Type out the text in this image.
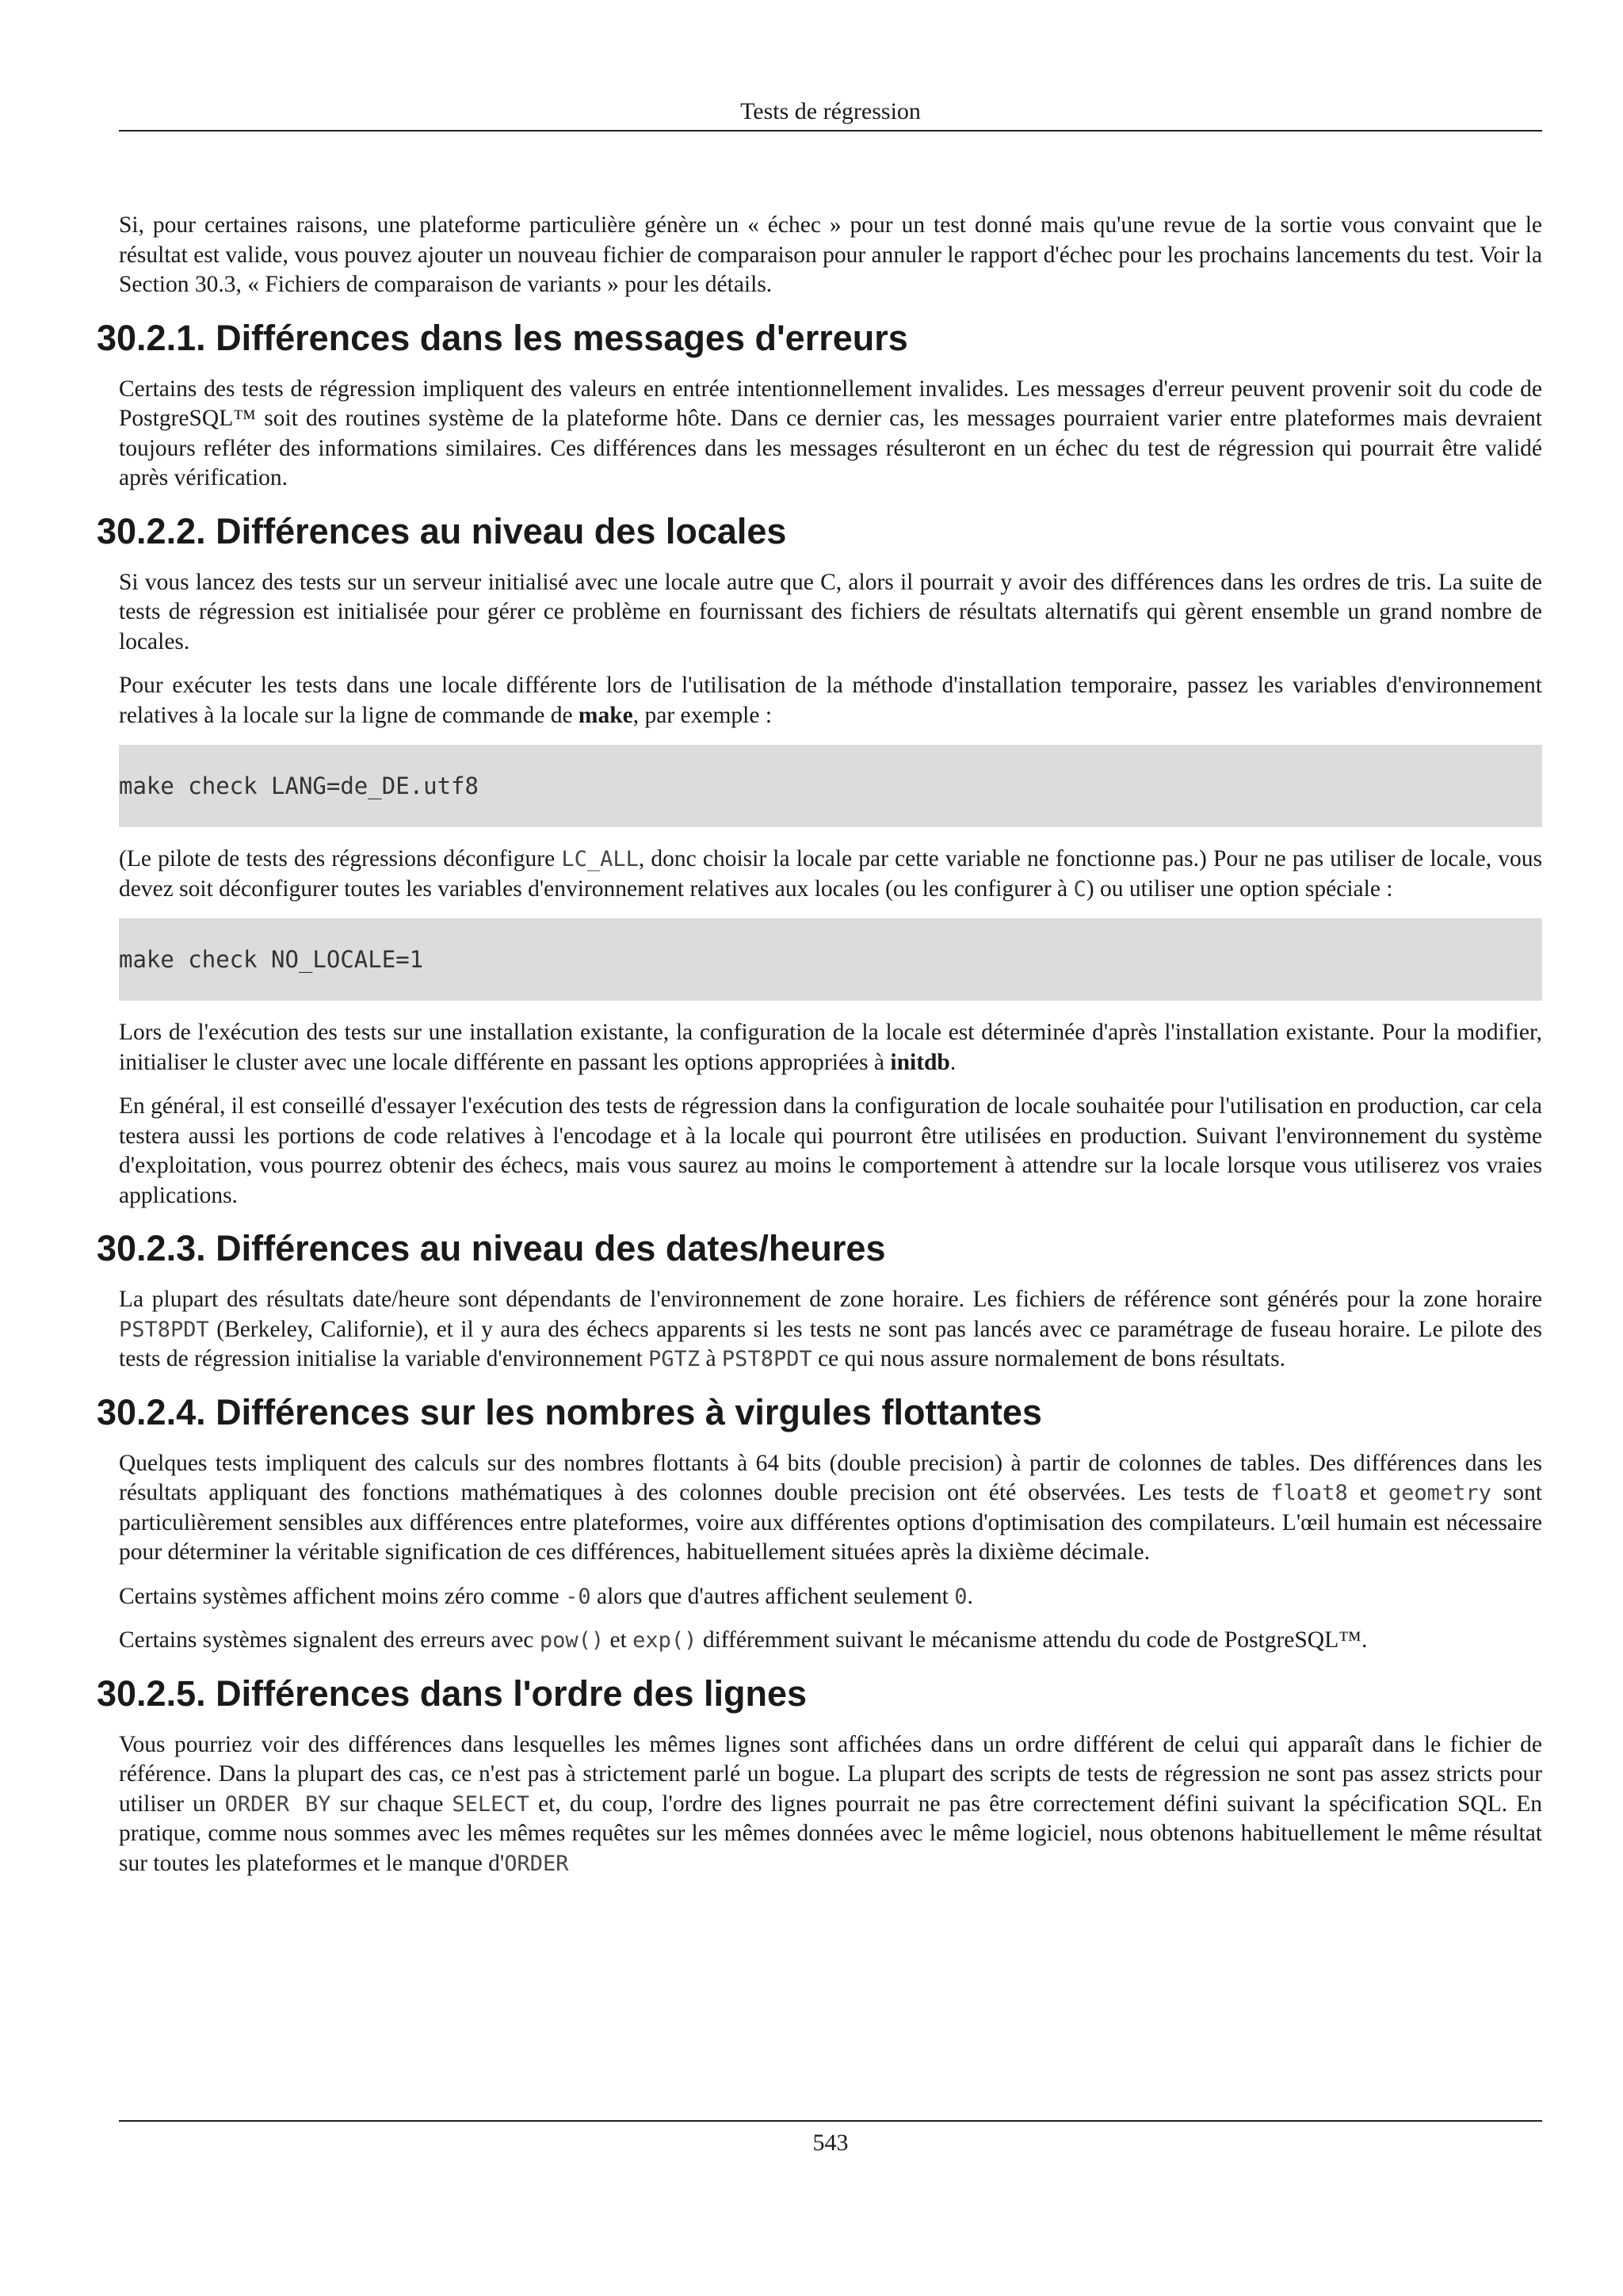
Tests de régression

Si, pour certaines raisons, une plateforme particulière génère un « échec » pour un test donné mais qu'une revue de la sortie vous convaint que le résultat est valide, vous pouvez ajouter un nouveau fichier de comparaison pour annuler le rapport d'échec pour les prochains lancements du test. Voir la Section 30.3, « Fichiers de comparaison de variants » pour les détails.

30.2.1. Différences dans les messages d'erreurs

Certains des tests de régression impliquent des valeurs en entrée intentionnellement invalides. Les messages d'erreur peuvent provenir soit du code de PostgreSQL™ soit des routines système de la plateforme hôte. Dans ce dernier cas, les messages pourraient varier entre plateformes mais devraient toujours refléter des informations similaires. Ces différences dans les messages résulteront en un échec du test de régression qui pourrait être validé après vérification.

30.2.2. Différences au niveau des locales

Si vous lancez des tests sur un serveur initialisé avec une locale autre que C, alors il pourrait y avoir des différences dans les ordres de tris. La suite de tests de régression est initialisée pour gérer ce problème en fournissant des fichiers de résultats alternatifs qui gèrent ensemble un grand nombre de locales.

Pour exécuter les tests dans une locale différente lors de l'utilisation de la méthode d'installation temporaire, passez les variables d'environnement relatives à la locale sur la ligne de commande de make, par exemple :

make check LANG=de_DE.utf8

(Le pilote de tests des régressions déconfigure LC_ALL, donc choisir la locale par cette variable ne fonctionne pas.) Pour ne pas utiliser de locale, vous devez soit déconfigurer toutes les variables d'environnement relatives aux locales (ou les configurer à C) ou utiliser une option spéciale :

make check NO_LOCALE=1

Lors de l'exécution des tests sur une installation existante, la configuration de la locale est déterminée d'après l'installation existante. Pour la modifier, initialiser le cluster avec une locale différente en passant les options appropriées à initdb.

En général, il est conseillé d'essayer l'exécution des tests de régression dans la configuration de locale souhaitée pour l'utilisation en production, car cela testera aussi les portions de code relatives à l'encodage et à la locale qui pourront être utilisées en production. Suivant l'environnement du système d'exploitation, vous pourrez obtenir des échecs, mais vous saurez au moins le comportement à attendre sur la locale lorsque vous utiliserez vos vraies applications.

30.2.3. Différences au niveau des dates/heures

La plupart des résultats date/heure sont dépendants de l'environnement de zone horaire. Les fichiers de référence sont générés pour la zone horaire PST8PDT (Berkeley, Californie), et il y aura des échecs apparents si les tests ne sont pas lancés avec ce paramétrage de fuseau horaire. Le pilote des tests de régression initialise la variable d'environnement PGTZ à PST8PDT ce qui nous assure normalement de bons résultats.

30.2.4. Différences sur les nombres à virgules flottantes

Quelques tests impliquent des calculs sur des nombres flottants à 64 bits (double precision) à partir de colonnes de tables. Des différences dans les résultats appliquant des fonctions mathématiques à des colonnes double precision ont été observées. Les tests de float8 et geometry sont particulièrement sensibles aux différences entre plateformes, voire aux différentes options d'optimisation des compilateurs. L'œil humain est nécessaire pour déterminer la véritable signification de ces différences, habituellement situées après la dixième décimale.

Certains systèmes affichent moins zéro comme -0 alors que d'autres affichent seulement 0.

Certains systèmes signalent des erreurs avec pow() et exp() différemment suivant le mécanisme attendu du code de PostgreSQL™.

30.2.5. Différences dans l'ordre des lignes

Vous pourriez voir des différences dans lesquelles les mêmes lignes sont affichées dans un ordre différent de celui qui apparaît dans le fichier de référence. Dans la plupart des cas, ce n'est pas à strictement parlé un bogue. La plupart des scripts de tests de régression ne sont pas assez stricts pour utiliser un ORDER BY sur chaque SELECT et, du coup, l'ordre des lignes pourrait ne pas être correctement défini suivant la spécification SQL. En pratique, comme nous sommes avec les mêmes requêtes sur les mêmes données avec le même logiciel, nous obtenons habituellement le même résultat sur toutes les plateformes et le manque d'ORDER

543
